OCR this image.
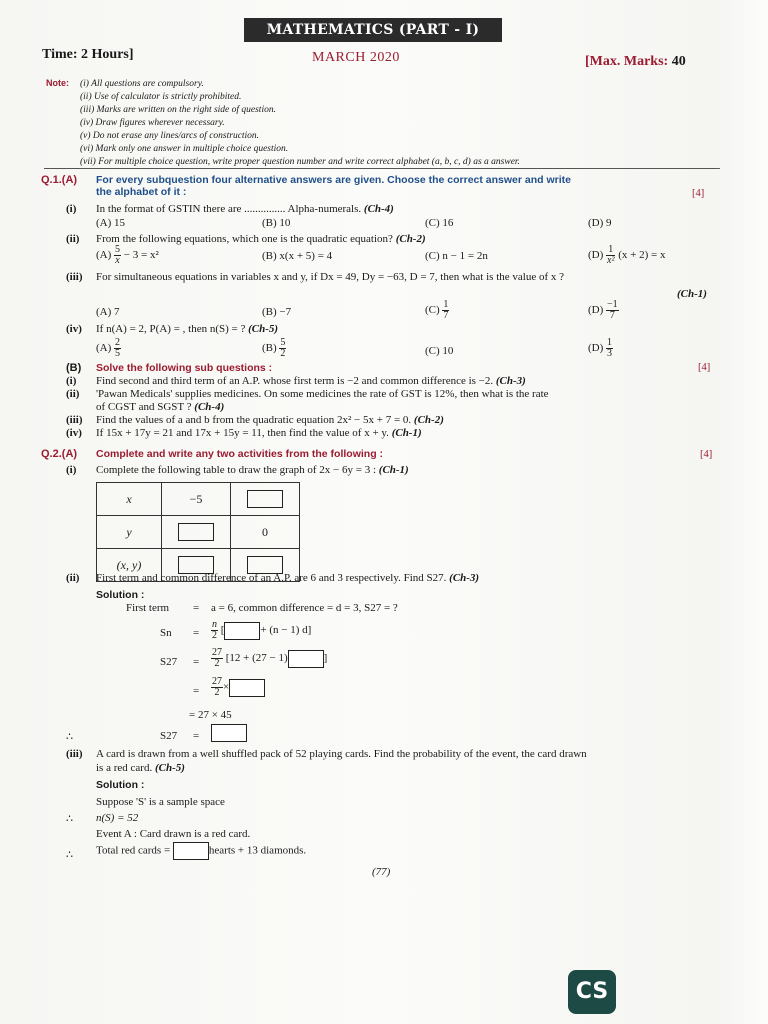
MATHEMATICS (PART - I)
Time: 2 Hours]	MARCH 2020	[Max. Marks: 40
Note: (i) All questions are compulsory.
(ii) Use of calculator is strictly prohibited.
(iii) Marks are written on the right side of question.
(iv) Draw figures wherever necessary.
(v) Do not erase any lines/arcs of construction.
(vi) Mark only one answer in multiple choice question.
(vii) For multiple choice question, write proper question number and write correct alphabet (a, b, c, d) as a answer.
Q.1.(A) For every subquestion four alternative answers are given. Choose the correct answer and write
the alphabet of it :	[4]
(i) In the format of GSTIN there are ............... Alpha-numerals. (Ch-4)
(A) 15	(B) 10	(C) 16	(D) 9
(ii) From the following equations, which one is the quadratic equation? (Ch-2)
$(A) \frac{5}{x} - 3 = x^2$	(B) x(x + 5) = 4	(C) n − 1 = 2n	$(D) \frac{1}{\text{x²}} (x + 2) = x$
(iii) For simultaneous equations in variables x and y, if Dx = 49, Dy = −63, D = 7, then what is the value of x ?
(Ch-1)
(A) 7	(B) −7	$(C) \frac{1}{7}$	$(D) \frac{-1}{7}$
(iv) If n(A) = 2, P(A) = , then n(S) = ? (Ch-5)
$(A) \frac{2}{5}$	$(B) \frac{5}{2}$	(C) 10	$(D) \frac{1}{3}$
(B) Solve the following sub questions :	[4]
(i) Find second and third term of an A.P. whose first term is −2 and common difference is −2. (Ch-3)
(ii) 'Pawan Medicals' supplies medicines. On some medicines the rate of GST is 12%, then what is the rate
of CGST and SGST ? (Ch-4)
(iii) Find the values of a and b from the quadratic equation 2x² − 5x + 7 = 0. (Ch-2)
(iv) If 15x + 17y = 21 and 17x + 15y = 11, then find the value of x + y. (Ch-1)
Q.2.(A) Complete and write any two activities from the following :	[4]
(i) Complete the following table to draw the graph of 2x − 6y = 3 : (Ch-1)
x	−5	
y		0
(x, y)		
(ii) First term and common difference of an A.P. are 6 and 3 respectively. Find S27. (Ch-3)
Solution :
First term = a = 6, common difference = d = 3, S27 = ?
$Sn = \frac{n}{2}$ [	+ (n − 1) d]
$S27 = \frac{27}{2} [12 + (27 - 1)$	]
= $\frac{27}{2}$ ×
= 27 × 45
∴	S27 =
(iii) A card is drawn from a well shuffled pack of 52 playing cards. Find the probability of the event, the card drawn
is a red card. (Ch-5)
Solution :
Suppose 'S' is a sample space
∴ n(S) = 52
Event A : Card drawn is a red card.
∴ Total red cards =	hearts + 13 diamonds.
(77)
CS
